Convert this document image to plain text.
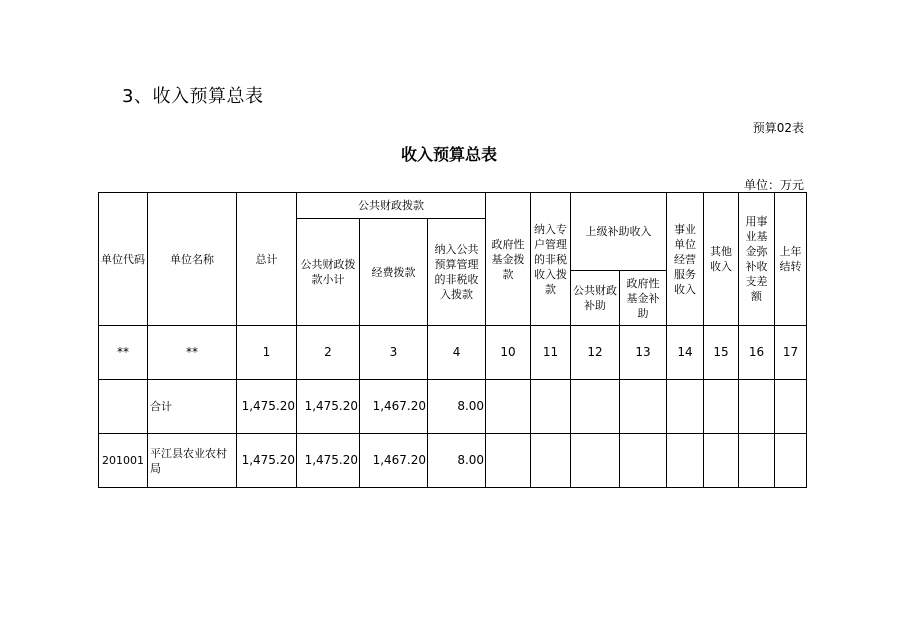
3、收入预算总表
预算02表
收入预算总表
单位：万元
单位代码	单位名称	总计	公共财政拨款			政府性基金拨款	纳入专户管理的非税收入拨款	上级补助收入		事业单位经营服务收入	其他收入	用事业基金弥补收支差额	上年结转
			公共财政拨款小计	经费拨款	纳入公共预算管理的非税收入拨款								
								公共财政补助	政府性基金补助				
**	**	1	2	3	4	10	11	12	13	14	15	16	17
	合计	1,475.20	1,475.20	1,467.20	8.00								
201001	平江县农业农村局	1,475.20	1,475.20	1,467.20	8.00								
